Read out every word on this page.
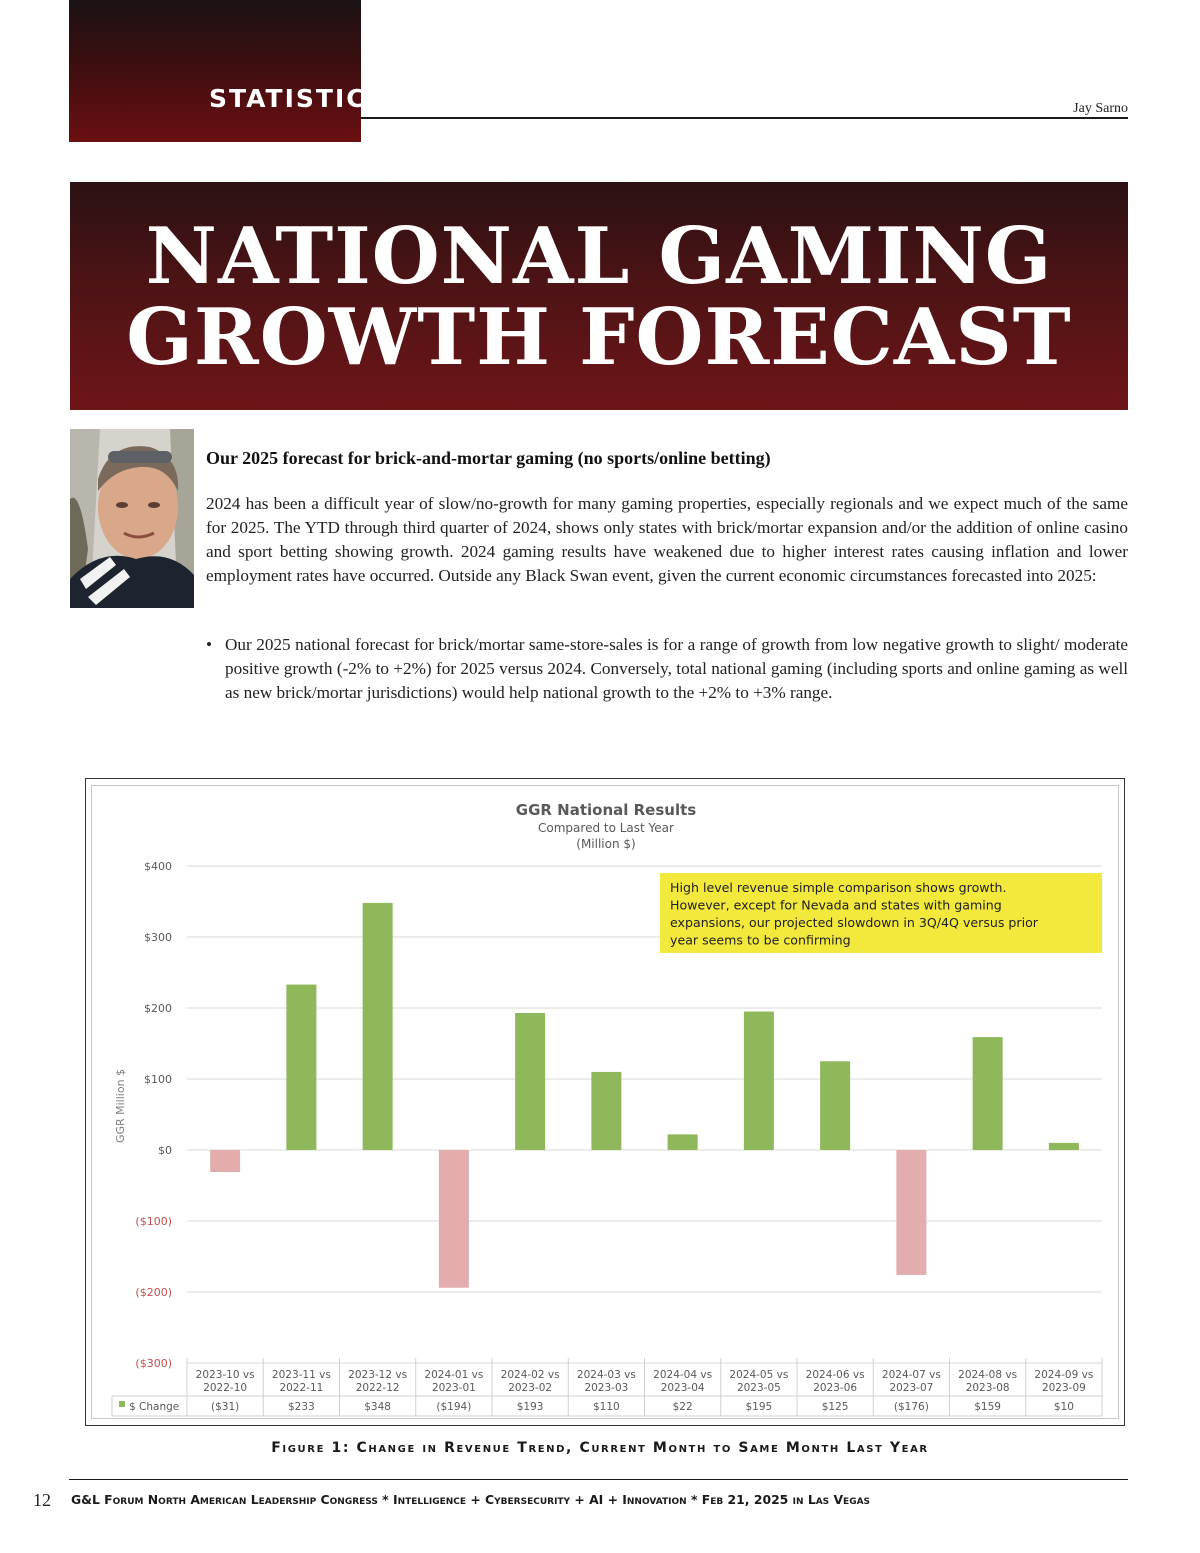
STATISTICS	Jay Sarno
NATIONAL GAMING
GROWTH FORECAST
Our 2025 forecast for brick-and-mortar gaming (no sports/online betting)

2024 has been a difficult year of slow/no-growth for many gaming properties, especially regionals and we expect much of the same for 2025. The YTD through third quarter of 2024, shows only states with brick/mortar expansion and/or the addition of online casino and sport betting showing growth. 2024 gaming results have weakened due to higher interest rates causing inflation and lower employment rates have occurred. Outside any Black Swan event, given the current economic circumstances forecasted into 2025:

• Our 2025 national forecast for brick/mortar same-store-sales is for a range of growth from low negative growth to slight/ moderate positive growth (-2% to +2%) for 2025 versus 2024. Conversely, total national gaming (including sports and online gaming as well as new brick/mortar jurisdictions) would help national growth to the +2% to +3% range.

GGR National Results
Compared to Last Year
(Million $)
GGR Million $
$400
$300
$200
$100
$0
($100)
($200)
($300)
High level revenue simple comparison shows growth.
However, except for Nevada and states with gaming
expansions, our projected slowdown in 3Q/4Q versus prior
year seems to be confirming
2023-10 vs
2022-10
($31)
2023-11 vs
2022-11
$233
2023-12 vs
2022-12
$348
2024-01 vs
2023-01
($194)
2024-02 vs
2023-02
$193
2024-03 vs
2023-03
$110
2024-04 vs
2023-04
$22
2024-05 vs
2023-05
$195
2024-06 vs
2023-06
$125
2024-07 vs
2023-07
($176)
2024-08 vs
2023-08
$159
2024-09 vs
2023-09
$10
$ Change
Figure 1: Change in Revenue Trend, Current Month to Same Month Last Year
12 G&L Forum North American Leadership Congress * Intelligence + Cybersecurity + AI + Innovation * Feb 21, 2025 in Las Vegas
